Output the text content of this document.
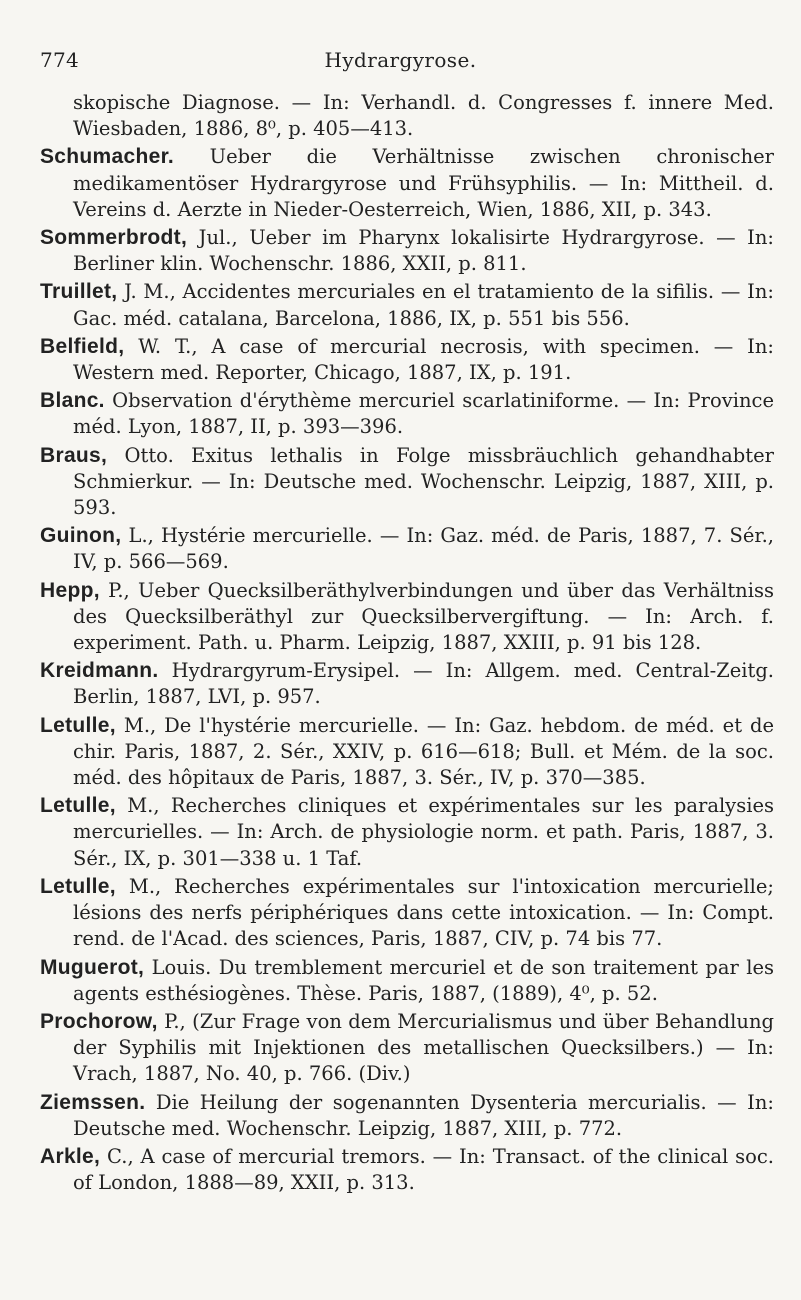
774	Hydrargyrose.

skopische Diagnose. — In: Verhandl. d. Congresses f. innere Med. Wiesbaden, 1886, 8⁰, p. 405—413.

Schumacher. Ueber die Verhältnisse zwischen chronischer medikamentöser Hydrargyrose und Frühsyphilis. — In: Mittheil. d. Vereins d. Aerzte in Nieder-Oesterreich, Wien, 1886, XII, p. 343.

Sommerbrodt, Jul., Ueber im Pharynx lokalisirte Hydrargyrose. — In: Berliner klin. Wochenschr. 1886, XXII, p. 811.

Truillet, J. M., Accidentes mercuriales en el tratamiento de la sifilis. — In: Gac. méd. catalana, Barcelona, 1886, IX, p. 551 bis 556.

Belfield, W. T., A case of mercurial necrosis, with specimen. — In: Western med. Reporter, Chicago, 1887, IX, p. 191.

Blanc. Observation d'érythème mercuriel scarlatiniforme. — In: Province méd. Lyon, 1887, II, p. 393—396.

Braus, Otto. Exitus lethalis in Folge missbräuchlich gehandhabter Schmierkur. — In: Deutsche med. Wochenschr. Leipzig, 1887, XIII, p. 593.

Guinon, L., Hystérie mercurielle. — In: Gaz. méd. de Paris, 1887, 7. Sér., IV, p. 566—569.

Hepp, P., Ueber Quecksilberäthylverbindungen und über das Verhältniss des Quecksilberäthyl zur Quecksilbervergiftung. — In: Arch. f. experiment. Path. u. Pharm. Leipzig, 1887, XXIII, p. 91 bis 128.

Kreidmann. Hydrargyrum-Erysipel. — In: Allgem. med. Central-Zeitg. Berlin, 1887, LVI, p. 957.

Letulle, M., De l'hystérie mercurielle. — In: Gaz. hebdom. de méd. et de chir. Paris, 1887, 2. Sér., XXIV, p. 616—618; Bull. et Mém. de la soc. méd. des hôpitaux de Paris, 1887, 3. Sér., IV, p. 370—385.

Letulle, M., Recherches cliniques et expérimentales sur les paralysies mercurielles. — In: Arch. de physiologie norm. et path. Paris, 1887, 3. Sér., IX, p. 301—338 u. 1 Taf.

Letulle, M., Recherches expérimentales sur l'intoxication mercurielle; lésions des nerfs périphériques dans cette intoxication. — In: Compt. rend. de l'Acad. des sciences, Paris, 1887, CIV, p. 74 bis 77.

Muguerot, Louis. Du tremblement mercuriel et de son traitement par les agents esthésiogènes. Thèse. Paris, 1887, (1889), 4⁰, p. 52.

Prochorow, P., (Zur Frage von dem Mercurialismus und über Behandlung der Syphilis mit Injektionen des metallischen Quecksilbers.) — In: Vrach, 1887, No. 40, p. 766. (Div.)

Ziemssen. Die Heilung der sogenannten Dysenteria mercurialis. — In: Deutsche med. Wochenschr. Leipzig, 1887, XIII, p. 772.

Arkle, C., A case of mercurial tremors. — In: Transact. of the clinical soc. of London, 1888—89, XXII, p. 313.
